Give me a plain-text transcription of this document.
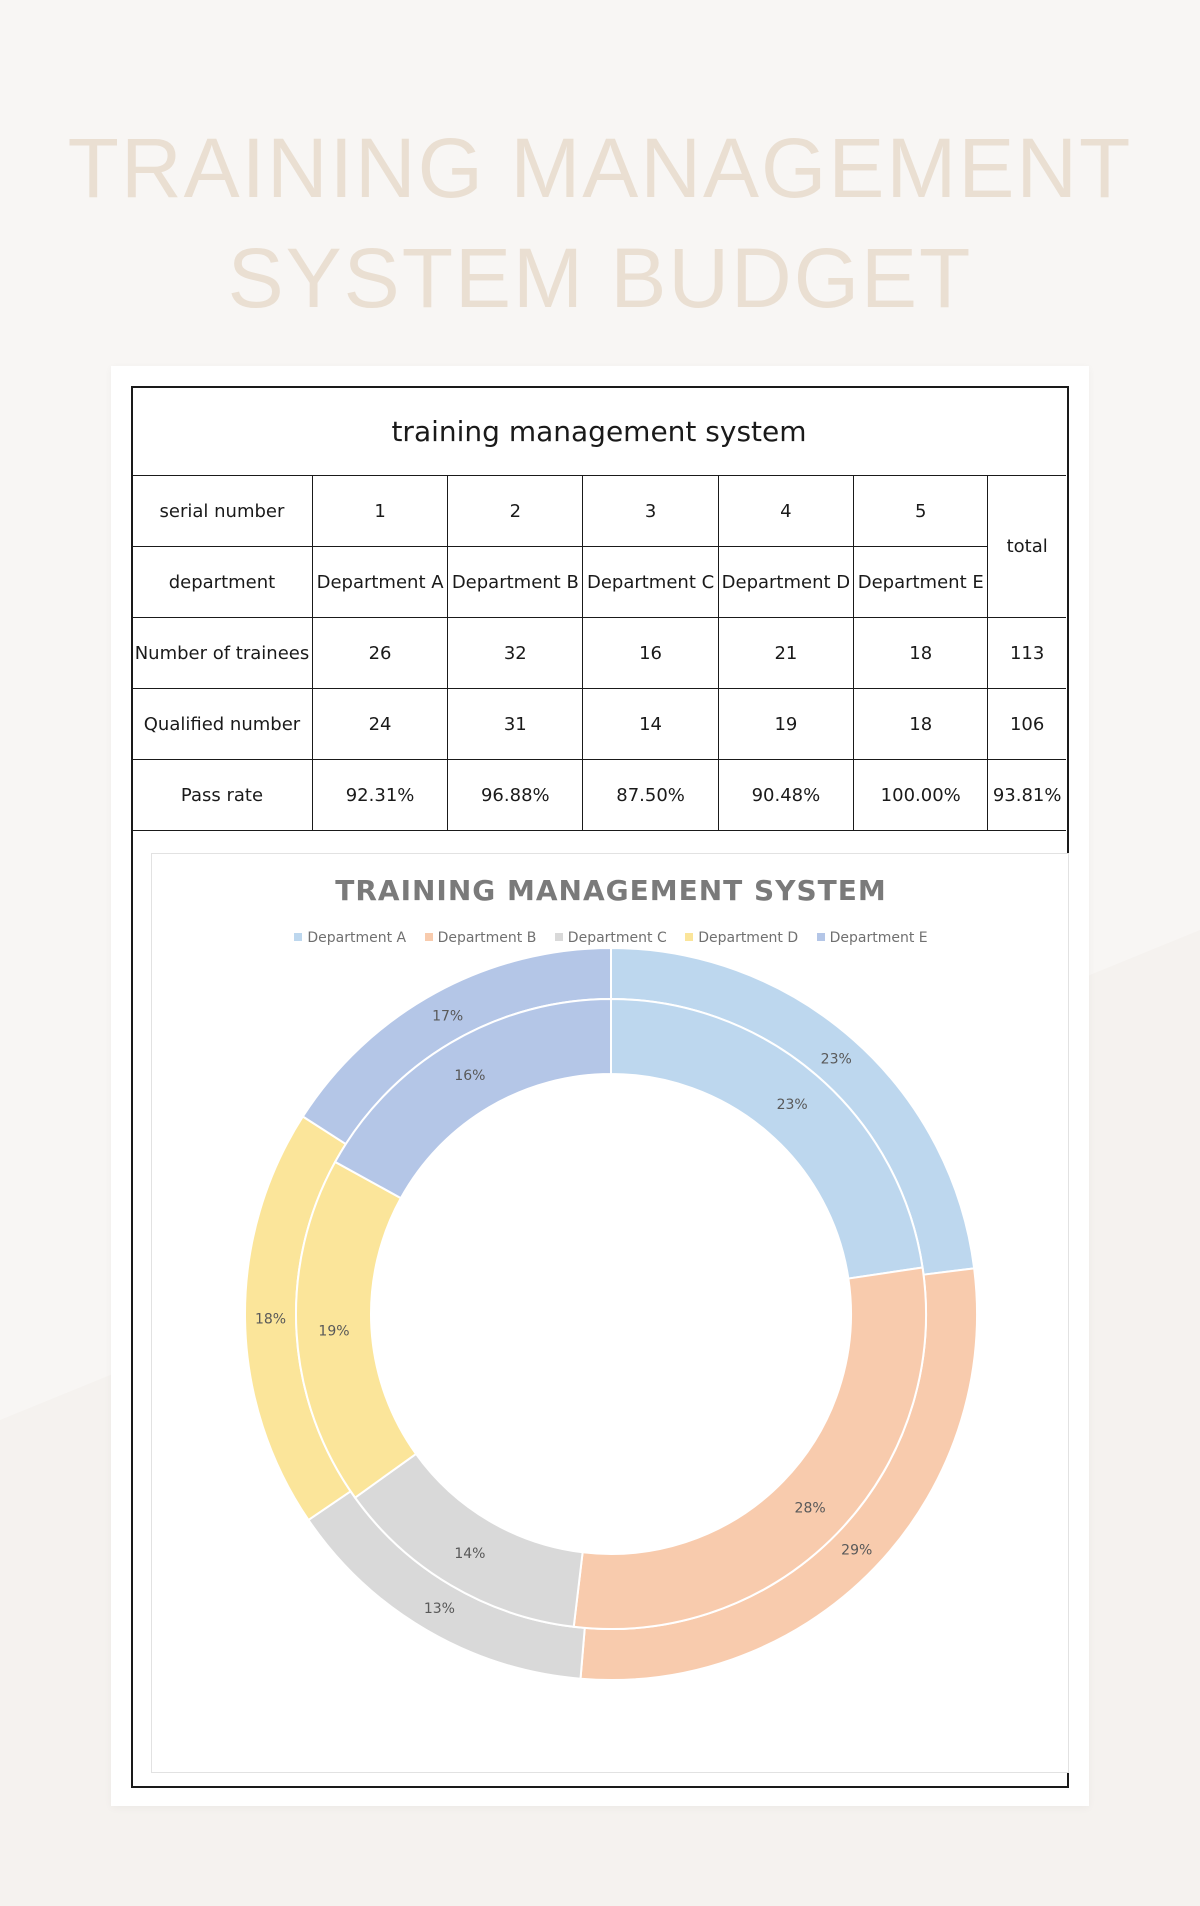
TRAINING MANAGEMENT
SYSTEM BUDGET
training management system						
serial number	1	2	3	4	5	total
department	Department A	Department B	Department C	Department D	Department E	
Number of trainees	26	32	16	21	18	113
Qualified number	24	31	14	19	18	106
Pass rate	92.31%	96.88%	87.50%	90.48%	100.00%	93.81%
TRAINING MANAGEMENT SYSTEM
Department A Department B Department C Department D Department E
23%
29%
13%
18%
17%
23%
28%
14%
19%
16%
